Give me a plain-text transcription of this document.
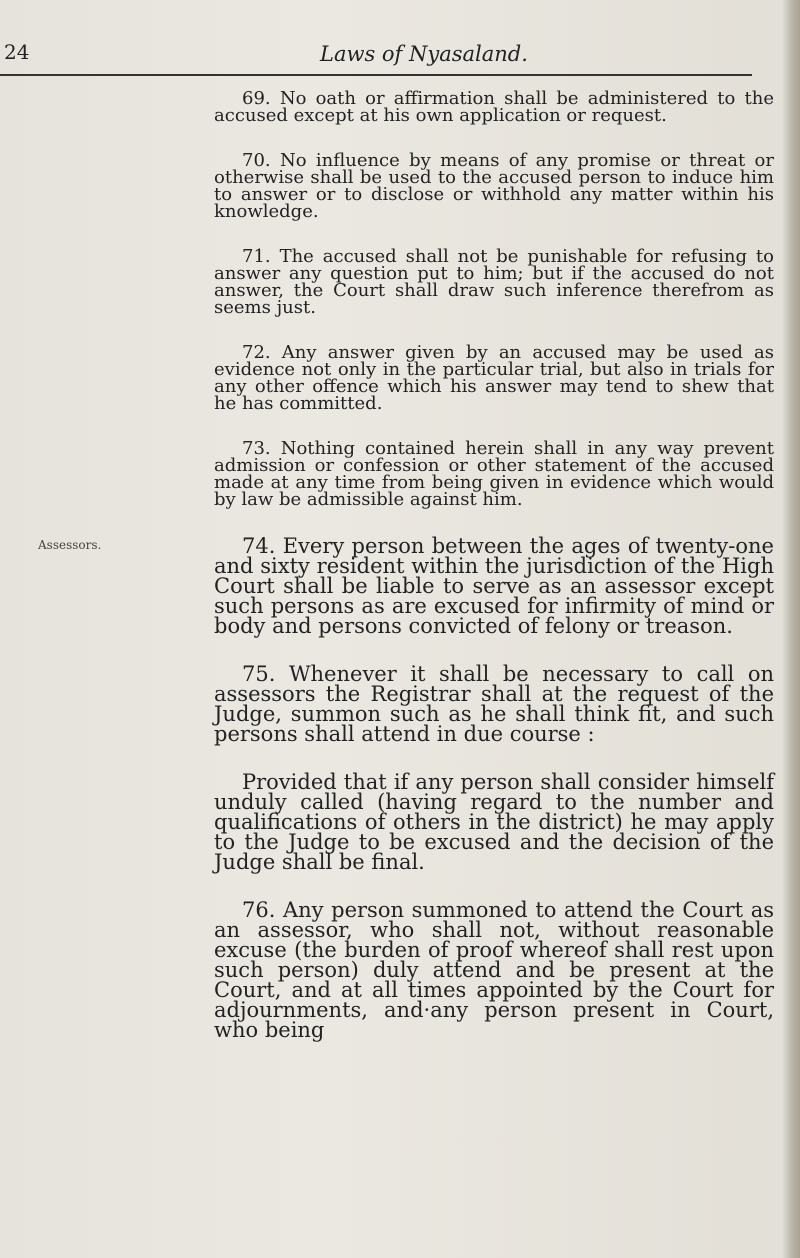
24	Laws of Nyasaland.

69. No oath or affirmation shall be administered to the accused except at his own application or request.

70. No influence by means of any promise or threat or otherwise shall be used to the accused person to induce him to answer or to disclose or withhold any matter within his knowledge.

71. The accused shall not be punishable for refusing to answer any question put to him; but if the accused do not answer, the Court shall draw such inference therefrom as seems just.

72. Any answer given by an accused may be used as evidence not only in the particular trial, but also in trials for any other offence which his answer may tend to shew that he has committed.

73. Nothing contained herein shall in any way prevent admission or confession or other statement of the accused made at any time from being given in evidence which would by law be admissible against him.

Assessors.	74. Every person between the ages of twenty-one and sixty resident within the jurisdiction of the High Court shall be liable to serve as an assessor except such persons as are excused for infirmity of mind or body and persons convicted of felony or treason.

75. Whenever it shall be necessary to call on assessors the Registrar shall at the request of the Judge, summon such as he shall think fit, and such persons shall attend in due course :

Provided that if any person shall consider himself unduly called (having regard to the number and qualifications of others in the district) he may apply to the Judge to be excused and the decision of the Judge shall be final.

76. Any person summoned to attend the Court as an assessor, who shall not, without reasonable excuse (the burden of proof whereof shall rest upon such person) duly attend and be present at the Court, and at all times appointed by the Court for adjournments, and·any person present in Court, who being
